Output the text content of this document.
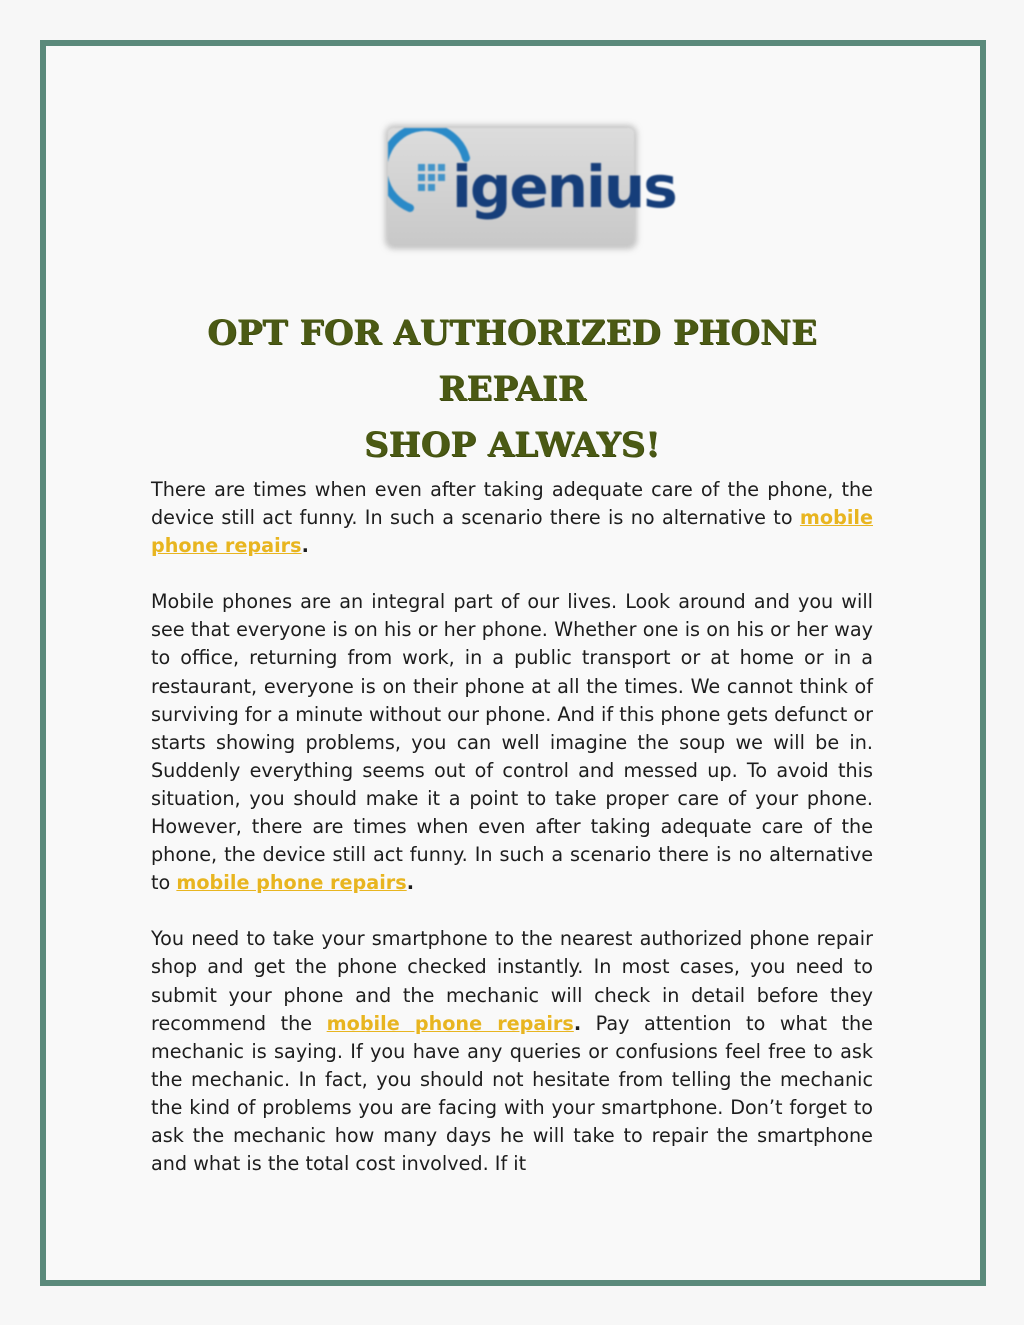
igenius
OPT FOR AUTHORIZED PHONE REPAIR
SHOP ALWAYS!

There are times when even after taking adequate care of the phone, the device still act funny. In such a scenario there is no alternative to mobile phone repairs.

Mobile phones are an integral part of our lives. Look around and you will see that everyone is on his or her phone. Whether one is on his or her way to office, returning from work, in a public transport or at home or in a restaurant, everyone is on their phone at all the times. We cannot think of surviving for a minute without our phone. And if this phone gets defunct or starts showing problems, you can well imagine the soup we will be in. Suddenly everything seems out of control and messed up. To avoid this situation, you should make it a point to take proper care of your phone. However, there are times when even after taking adequate care of the phone, the device still act funny. In such a scenario there is no alternative to mobile phone repairs.

You need to take your smartphone to the nearest authorized phone repair shop and get the phone checked instantly. In most cases, you need to submit your phone and the mechanic will check in detail before they recommend the mobile phone repairs. Pay attention to what the mechanic is saying. If you have any queries or confusions feel free to ask the mechanic. In fact, you should not hesitate from telling the mechanic the kind of problems you are facing with your smartphone. Don’t forget to ask the mechanic how many days he will take to repair the smartphone and what is the total cost involved. If it
